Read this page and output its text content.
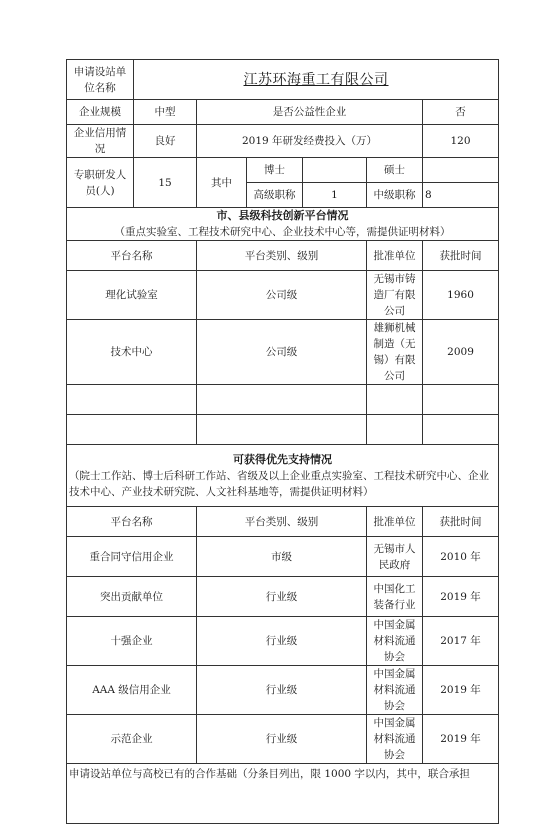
申请设站单位名称	江苏环海重工有限公司					
企业规模	中型	是否公益性企业				否
企业信用情况	良好	2019 年研发经费投入（万）				120
专职研发人员(人)	15	其中	博士		硕士	
			高级职称	1	中级职称	8

市、县级科技创新平台情况
（重点实验室、工程技术研究中心、企业技术中心等，需提供证明材料）						

平台名称		平台类别、级别			批准单位	获批时间
理化试验室		公司级			无锡市铸造厂有限公司	1960
技术中心		公司级			雄狮机械制造（无锡）有限公司	2009

可获得优先支持情况
（院士工作站、博士后科研工作站、省级及以上企业重点实验室、工程技术研究中心、企业技术中心、产业技术研究院、人文社科基地等，需提供证明材料）						

平台名称		平台类别、级别			批准单位	获批时间
重合同守信用企业		市级			无锡市人民政府	2010 年
突出贡献单位		行业级			中国化工装备行业	2019 年
十强企业		行业级			中国金属材料流通协会	2017 年
AAA 级信用企业		行业级			中国金属材料流通协会	2019 年
示范企业		行业级			中国金属材料流通协会	2019 年
申请设站单位与高校已有的合作基础（分条目列出，限 1000 字以内，其中，联合承担						
